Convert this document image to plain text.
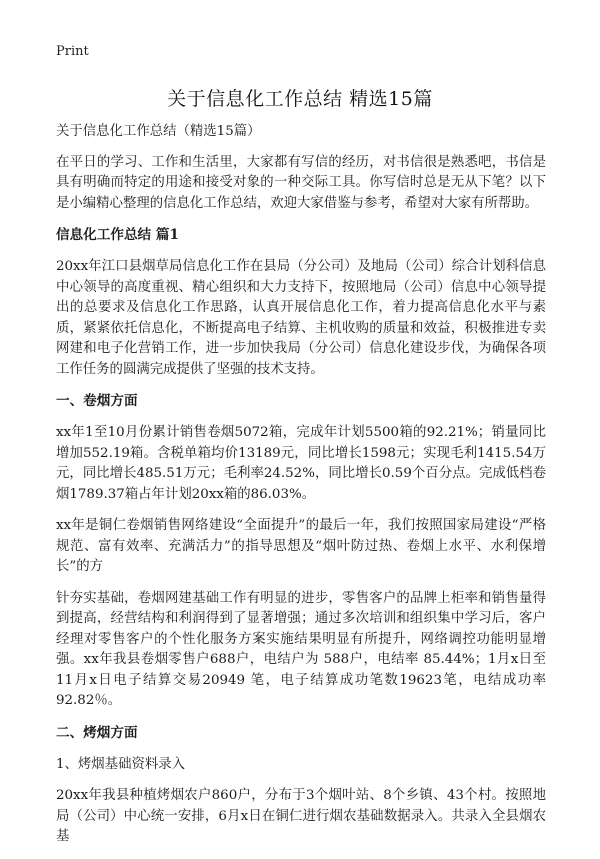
Print
关于信息化工作总结 精选15篇

关于信息化工作总结（精选15篇）

在平日的学习、工作和生活里，大家都有写信的经历，对书信很是熟悉吧，书信是具有明确而特定的用途和接受对象的一种交际工具。你写信时总是无从下笔？以下是小编精心整理的信息化工作总结，欢迎大家借鉴与参考，希望对大家有所帮助。

信息化工作总结 篇1

20xx年江口县烟草局信息化工作在县局（分公司）及地局（公司）综合计划科信息中心领导的高度重视、精心组织和大力支持下，按照地局（公司）信息中心领导提出的总要求及信息化工作思路，认真开展信息化工作，着力提高信息化水平与素质，紧紧依托信息化，不断提高电子结算、主机收购的质量和效益，积极推进专卖网建和电子化营销工作，进一步加快我局（分公司）信息化建设步伐，为确保各项工作任务的圆满完成提供了坚强的技术支持。

一、卷烟方面

xx年1至10月份累计销售卷烟5072箱，完成年计划5500箱的92.21%；销量同比增加552.19箱。含税单箱均价13189元，同比增长1598元；实现毛利1415.54万元，同比增长485.51万元；毛利率24.52%，同比增长0.59个百分点。完成低档卷烟1789.37箱占年计划20xx箱的86.03%。

xx年是铜仁卷烟销售网络建设“全面提升”的最后一年，我们按照国家局建设“严格规范、富有效率、充满活力”的指导思想及“烟叶防过热、卷烟上水平、水利保增长”的方

针夯实基础，卷烟网建基础工作有明显的进步，零售客户的品牌上柜率和销售量得到提高，经营结构和利润得到了显著增强；通过多次培训和组织集中学习后，客户经理对零售客户的个性化服务方案实施结果明显有所提升，网络调控功能明显增强。xx年我县卷烟零售户688户，电结户为 588户，电结率 85.44%；1月x日至11月x日电子结算交易20949 笔，电子结算成功笔数19623笔，电结成功率92.82％。

二、烤烟方面

1、烤烟基础资料录入

20xx年我县种植烤烟农户860户，分布于3个烟叶站、8个乡镇、43个村。按照地局（公司）中心统一安排，6月x日在铜仁进行烟农基础数据录入。共录入全县烟农基
